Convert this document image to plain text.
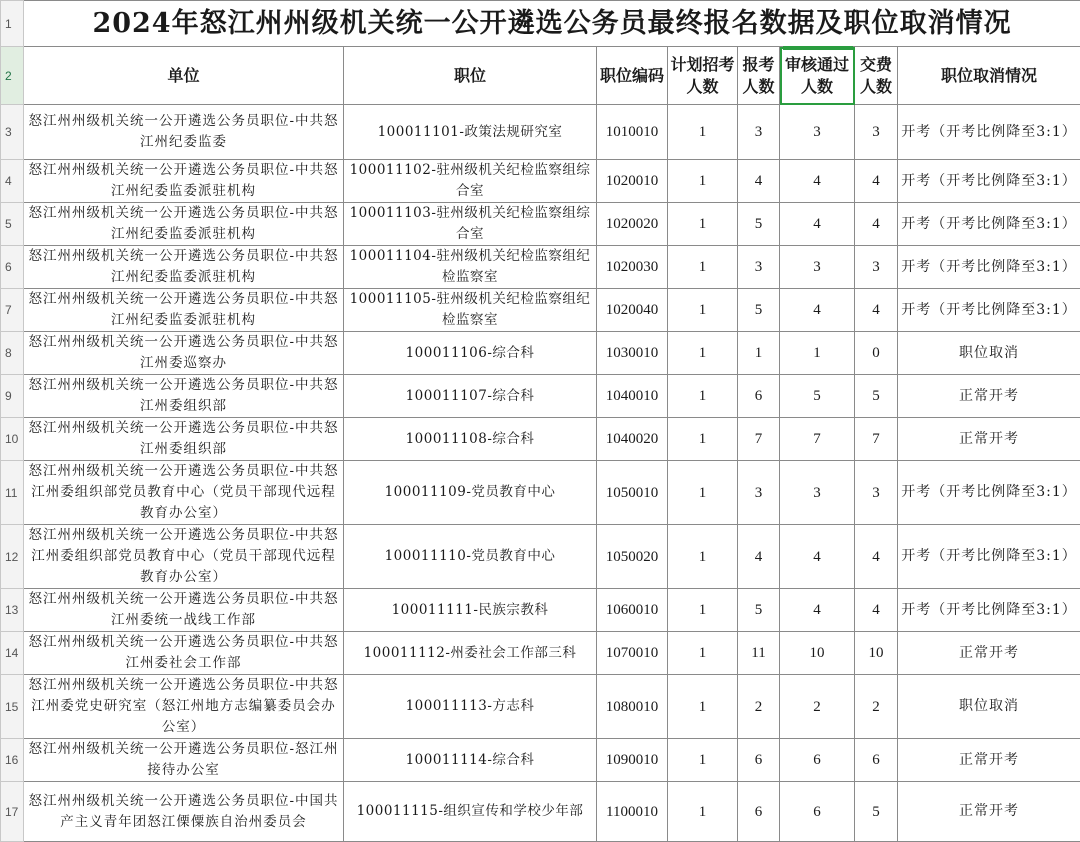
1	2024年怒江州州级机关统一公开遴选公务员最终报名数据及职位取消情况							
2	单位	职位	职位编码	计划招考人数	报考人数	审核通过人数	交费人数	职位取消情况
3	怒江州州级机关统一公开遴选公务员职位-中共怒江州纪委监委	100011101-政策法规研究室	1010010	1	3	3	3	开考（开考比例降至3:1）
4	怒江州州级机关统一公开遴选公务员职位-中共怒江州纪委监委派驻机构	100011102-驻州级机关纪检监察组综合室	1020010	1	4	4	4	开考（开考比例降至3:1）
5	怒江州州级机关统一公开遴选公务员职位-中共怒江州纪委监委派驻机构	100011103-驻州级机关纪检监察组综合室	1020020	1	5	4	4	开考（开考比例降至3:1）
6	怒江州州级机关统一公开遴选公务员职位-中共怒江州纪委监委派驻机构	100011104-驻州级机关纪检监察组纪检监察室	1020030	1	3	3	3	开考（开考比例降至3:1）
7	怒江州州级机关统一公开遴选公务员职位-中共怒江州纪委监委派驻机构	100011105-驻州级机关纪检监察组纪检监察室	1020040	1	5	4	4	开考（开考比例降至3:1）
8	怒江州州级机关统一公开遴选公务员职位-中共怒江州委巡察办	100011106-综合科	1030010	1	1	1	0	职位取消
9	怒江州州级机关统一公开遴选公务员职位-中共怒江州委组织部	100011107-综合科	1040010	1	6	5	5	正常开考
10	怒江州州级机关统一公开遴选公务员职位-中共怒江州委组织部	100011108-综合科	1040020	1	7	7	7	正常开考
11	怒江州州级机关统一公开遴选公务员职位-中共怒江州委组织部党员教育中心（党员干部现代远程教育办公室）	100011109-党员教育中心	1050010	1	3	3	3	开考（开考比例降至3:1）
12	怒江州州级机关统一公开遴选公务员职位-中共怒江州委组织部党员教育中心（党员干部现代远程教育办公室）	100011110-党员教育中心	1050020	1	4	4	4	开考（开考比例降至3:1）
13	怒江州州级机关统一公开遴选公务员职位-中共怒江州委统一战线工作部	100011111-民族宗教科	1060010	1	5	4	4	开考（开考比例降至3:1）
14	怒江州州级机关统一公开遴选公务员职位-中共怒江州委社会工作部	100011112-州委社会工作部三科	1070010	1	11	10	10	正常开考
15	怒江州州级机关统一公开遴选公务员职位-中共怒江州委党史研究室（怒江州地方志编纂委员会办公室）	100011113-方志科	1080010	1	2	2	2	职位取消
16	怒江州州级机关统一公开遴选公务员职位-怒江州接待办公室	100011114-综合科	1090010	1	6	6	6	正常开考
17	怒江州州级机关统一公开遴选公务员职位-中国共产主义青年团怒江傈僳族自治州委员会	100011115-组织宣传和学校少年部	1100010	1	6	6	5	正常开考
